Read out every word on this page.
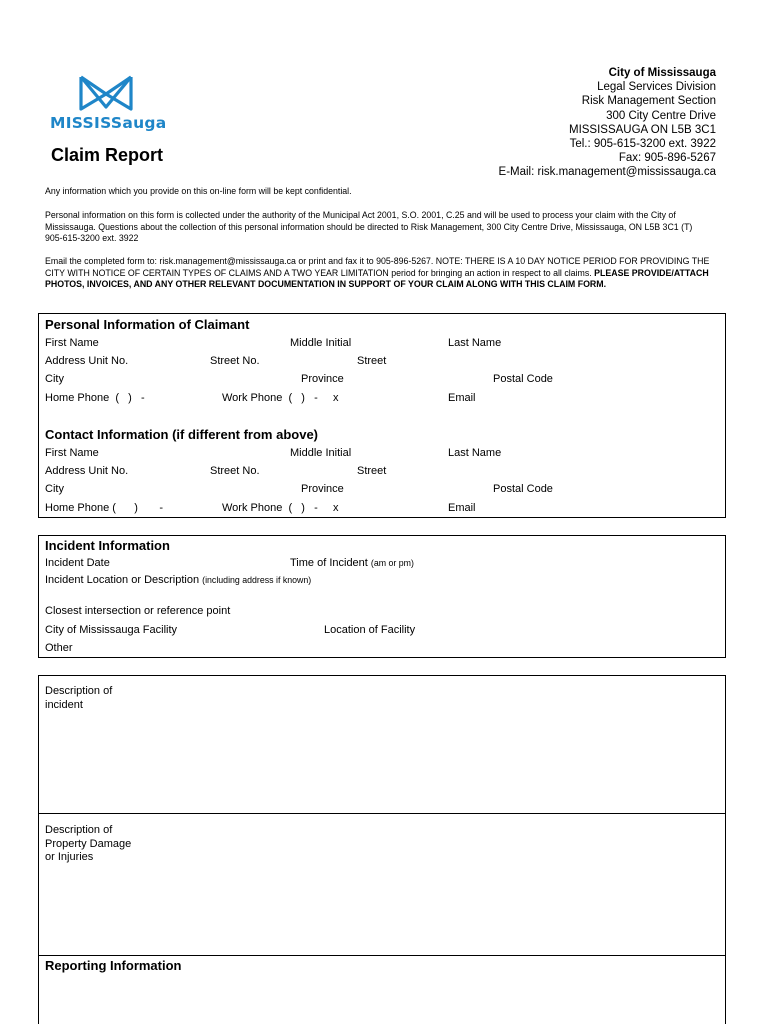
MISSISSauga
Claim Report
City of Mississauga
Legal Services Division
Risk Management Section
300 City Centre Drive
MISSISSAUGA ON L5B 3C1
Tel.: 905-615-3200 ext. 3922
Fax: 905-896-5267
E-Mail: risk.management@mississauga.ca
Any information which you provide on this on-line form will be kept confidential.
Personal information on this form is collected under the authority of the Municipal Act 2001, S.O. 2001, C.25 and will be used to process your claim with the City of Mississauga. Questions about the collection of this personal information should be directed to Risk Management, 300 City Centre Drive, Mississauga, ON L5B 3C1 (T) 905-615-3200 ext. 3922
Email the completed form to: risk.management@mississauga.ca or print and fax it to 905-896-5267. NOTE: THERE IS A 10 DAY NOTICE PERIOD FOR PROVIDING THE CITY WITH NOTICE OF CERTAIN TYPES OF CLAIMS AND A TWO YEAR LIMITATION period for bringing an action in respect to all claims. PLEASE PROVIDE/ATTACH PHOTOS, INVOICES, AND ANY OTHER RELEVANT DOCUMENTATION IN SUPPORT OF YOUR CLAIM ALONG WITH THIS CLAIM FORM.
Personal Information of Claimant
First Name	Middle Initial	Last Name
Address Unit No.	Street No.	Street
City	Province	Postal Code
Home Phone  (   )   -	Work Phone  (   )   -     x	Email
Contact Information (if different from above)
First Name	Middle Initial	Last Name
Address Unit No.	Street No.	Street
City	Province	Postal Code
Home Phone (      )       -	Work Phone  (   )   -     x	Email
Incident Information
Incident Date	Time of Incident (am or pm)
Incident Location or Description (including address if known)
Closest intersection or reference point
City of Mississauga Facility	Location of Facility
Other
Description of
incident
Description of
Property Damage
or Injuries
Reporting Information
